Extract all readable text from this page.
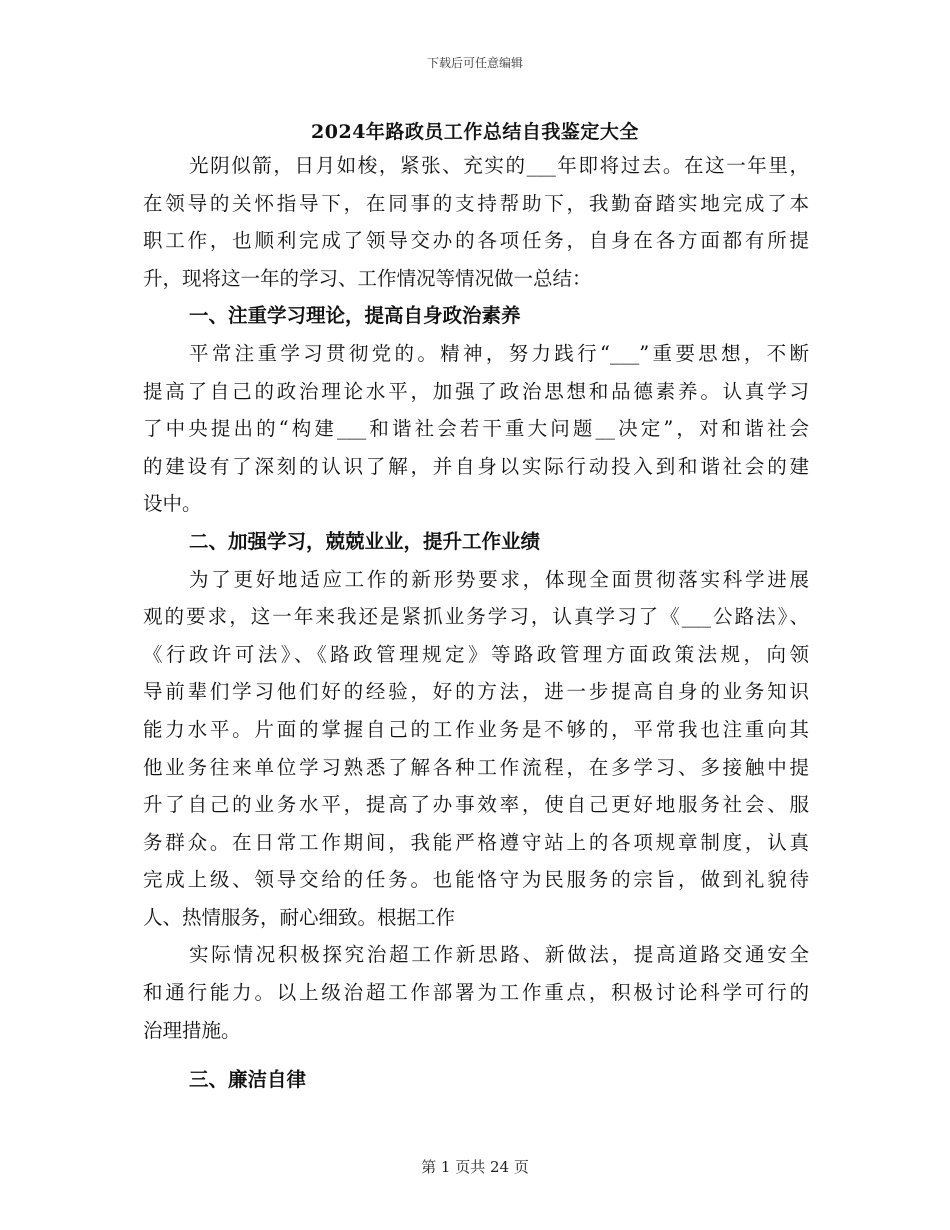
下载后可任意编辑
2024年路政员工作总结自我鉴定大全
光阴似箭，日月如梭，紧张、充实的___年即将过去。在这一年里，
在领导的关怀指导下，在同事的支持帮助下，我勤奋踏实地完成了本
职工作，也顺利完成了领导交办的各项任务，自身在各方面都有所提
升，现将这一年的学习、工作情况等情况做一总结：
一、注重学习理论，提高自身政治素养
平常注重学习贯彻党的。精神，努力践行“___”重要思想，不断
提高了自己的政治理论水平，加强了政治思想和品德素养。认真学习
了中央提出的“构建___和谐社会若干重大问题__决定”，对和谐社会
的建设有了深刻的认识了解，并自身以实际行动投入到和谐社会的建
设中。
二、加强学习，兢兢业业，提升工作业绩
为了更好地适应工作的新形势要求，体现全面贯彻落实科学进展
观的要求，这一年来我还是紧抓业务学习，认真学习了《___公路法》、
《行政许可法》、《路政管理规定》等路政管理方面政策法规，向领
导前辈们学习他们好的经验，好的方法，进一步提高自身的业务知识
能力水平。片面的掌握自己的工作业务是不够的，平常我也注重向其
他业务往来单位学习熟悉了解各种工作流程，在多学习、多接触中提
升了自己的业务水平，提高了办事效率，使自己更好地服务社会、服
务群众。在日常工作期间，我能严格遵守站上的各项规章制度，认真
完成上级、领导交给的任务。也能恪守为民服务的宗旨，做到礼貌待
人、热情服务，耐心细致。根据工作
实际情况积极探究治超工作新思路、新做法，提高道路交通安全
和通行能力。以上级治超工作部署为工作重点，积极讨论科学可行的
治理措施。
三、廉洁自律
第 1 页共 24 页
